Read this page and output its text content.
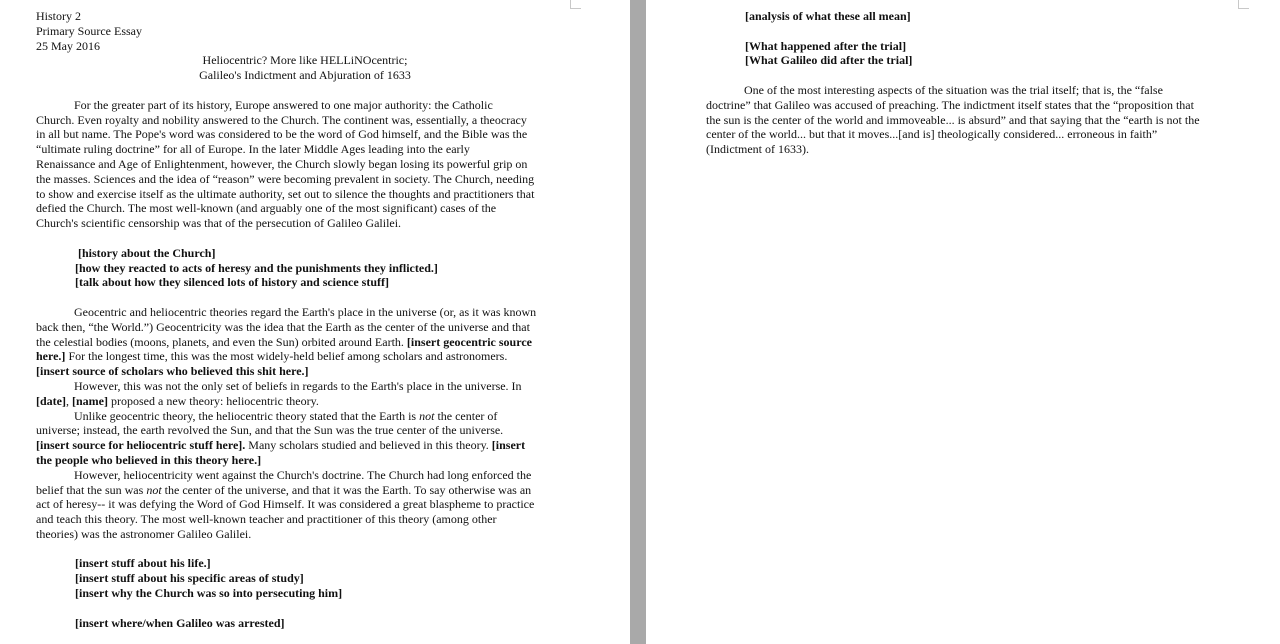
History 2
Primary Source Essay
25 May 2016
Heliocentric? More like HELLiNOcentric;
Galileo's Indictment and Abjuration of 1633
For the greater part of its history, Europe answered to one major authority: the Catholic
Church. Even royalty and nobility answered to the Church. The continent was, essentially, a theocracy
in all but name. The Pope's word was considered to be the word of God himself, and the Bible was the
“ultimate ruling doctrine” for all of Europe. In the later Middle Ages leading into the early
Renaissance and Age of Enlightenment, however, the Church slowly began losing its powerful grip on
the masses. Sciences and the idea of “reason” were becoming prevalent in society. The Church, needing
to show and exercise itself as the ultimate authority, set out to silence the thoughts and practitioners that
defied the Church. The most well-known (and arguably one of the most significant) cases of the
Church's scientific censorship was that of the persecution of Galileo Galilei.
[history about the Church]
[how they reacted to acts of heresy and the punishments they inflicted.]
[talk about how they silenced lots of history and science stuff]
Geocentric and heliocentric theories regard the Earth's place in the universe (or, as it was known
back then, “the World.”) Geocentricity was the idea that the Earth as the center of the universe and that
the celestial bodies (moons, planets, and even the Sun) orbited around Earth. [insert geocentric source
here.] For the longest time, this was the most widely-held belief among scholars and astronomers.
[insert source of scholars who believed this shit here.]
However, this was not the only set of beliefs in regards to the Earth's place in the universe. In
[date], [name] proposed a new theory: heliocentric theory.
Unlike geocentric theory, the heliocentric theory stated that the Earth is not the center of
universe; instead, the earth revolved the Sun, and that the Sun was the true center of the universe.
[insert source for heliocentric stuff here]. Many scholars studied and believed in this theory. [insert
the people who believed in this theory here.]
However, heliocentricity went against the Church's doctrine. The Church had long enforced the
belief that the sun was not the center of the universe, and that it was the Earth. To say otherwise was an
act of heresy-- it was defying the Word of God Himself. It was considered a great blaspheme to practice
and teach this theory. The most well-known teacher and practitioner of this theory (among other
theories) was the astronomer Galileo Galilei.
[insert stuff about his life.]
[insert stuff about his specific areas of study]
[insert why the Church was so into persecuting him]
[insert where/when Galileo was arrested]
[analysis of what these all mean]
[What happened after the trial]
[What Galileo did after the trial]
One of the most interesting aspects of the situation was the trial itself; that is, the “false
doctrine” that Galileo was accused of preaching. The indictment itself states that the “proposition that
the sun is the center of the world and immoveable... is absurd” and that saying that the “earth is not the
center of the world... but that it moves...[and is] theologically considered... erroneous in faith”
(Indictment of 1633).
